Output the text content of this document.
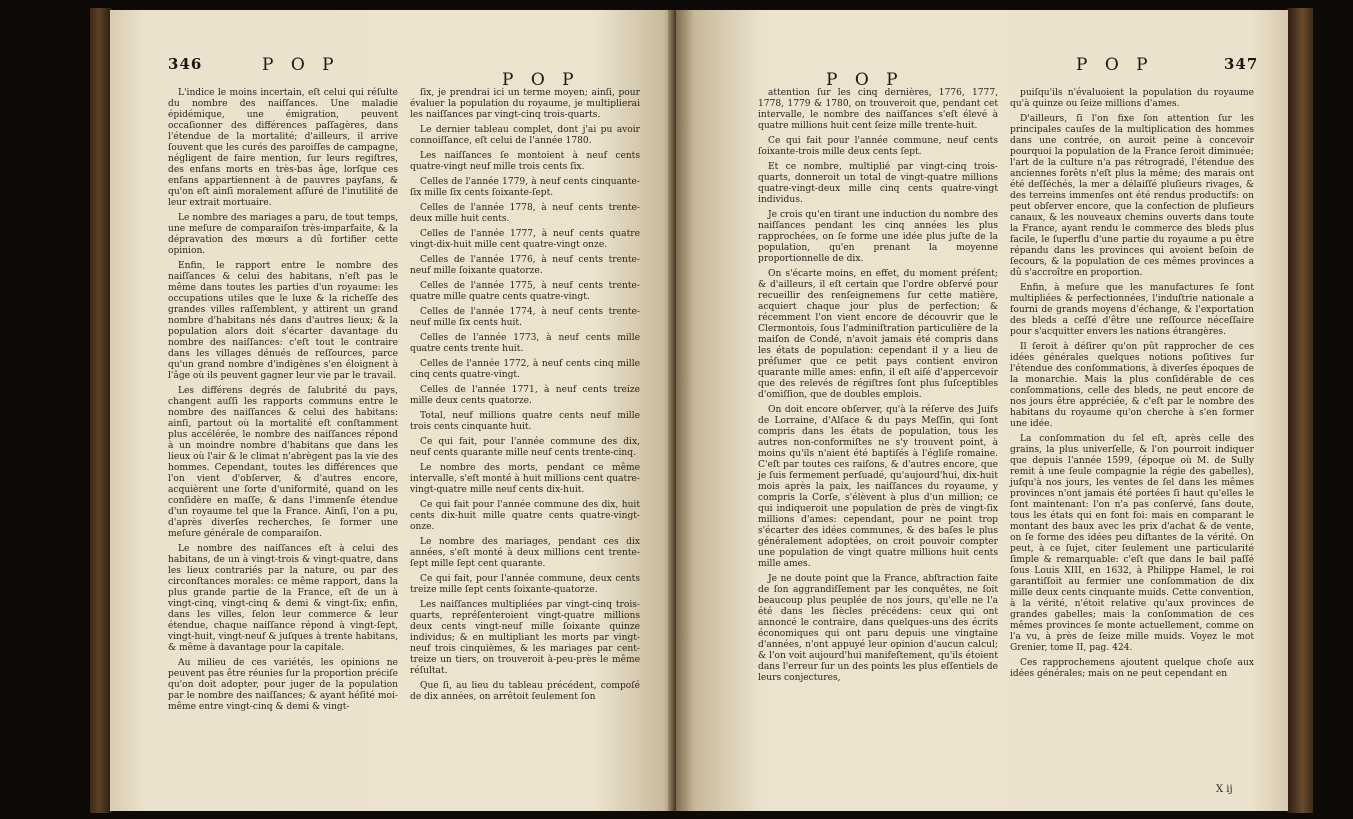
346	P O P
P O P

L'indice le moins incertain, eſt celui qui réſulte du nombre des naiſſances. Une maladie épidémique, une émigration, peuvent occaſionner des différences paſſagères, dans l'étendue de la mortalité; d'ailleurs, il arrive ſouvent que les curés des paroiſſes de campagne, négligent de faire mention, ſur leurs regiſtres, des enfans morts en très-bas âge, lorſque ces enfans appartiennent à de pauvres payſans, & qu'on eſt ainſi moralement aſſuré de l'inutilité de leur extrait mortuaire.

Le nombre des mariages a paru, de tout temps, une meſure de comparaiſon très-imparfaite, & la dépravation des mœurs a dû fortifier cette opinion.

Enfin, le rapport entre le nombre des naiſſances & celui des habitans, n'eſt pas le même dans toutes les parties d'un royaume: les occupations utiles que le luxe & la richeſſe des grandes villes raſſemblent, y attirent un grand nombre d'habitans nés dans d'autres lieux; & la population alors doit s'écarter davantage du nombre des naiſſances: c'eſt tout le contraire dans les villages dénués de reſſources, parce qu'un grand nombre d'indigènes s'en éloignent à l'âge où ils peuvent gagner leur vie par le travail.

Les différens degrés de ſalubrité du pays, changent auſſi les rapports communs entre le nombre des naiſſances & celui des habitans: ainſi, partout où la mortalité eſt conſtamment plus accélérée, le nombre des naiſſances répond à un moindre nombre d'habitans que dans les lieux où l'air & le climat n'abrègent pas la vie des hommes. Cependant, toutes les différences que l'on vient d'obſerver, & d'autres encore, acquièrent une ſorte d'uniformité, quand on les conſidère en maſſe, & dans l'immenſe étendue d'un royaume tel que la France. Ainſi, l'on a pu, d'après diverſes recherches, ſe former une meſure générale de comparaiſon.

Le nombre des naiſſances eſt à celui des habitans, de un à vingt-trois & vingt-quatre, dans les lieux contrariés par la nature, ou par des circonſtances morales: ce même rapport, dans la plus grande partie de la France, eſt de un à vingt-cinq, vingt-cinq & demi & vingt-ſix; enfin, dans les villes, ſelon leur commerce & leur étendue, chaque naiſſance répond à vingt-ſept, vingt-huit, vingt-neuf & juſques à trente habitans, & même à davantage pour la capitale.

Au milieu de ces variétés, les opinions ne peuvent pas être réunies ſur la proportion préciſe qu'on doit adopter, pour juger de la population par le nombre des naiſſances; & ayant héſité moi-même entre vingt-cinq & demi & vingt-

ſix, je prendrai ici un terme moyen; ainſi, pour évaluer la population du royaume, je multiplierai les naiſſances par vingt-cinq trois-quarts.

Le dernier tableau complet, dont j'ai pu avoir connoiſſance, eſt celui de l'année 1780.

Les naiſſances ſe montoient à neuf cents quatre-vingt neuf mille trois cents ſix.

Celles de l'année 1779, à neuf cents cinquante-ſix mille ſix cents ſoixante-ſept.

Celles de l'année 1778, à neuf cents trente-deux mille huit cents.

Celles de l'année 1777, à neuf cents quatre vingt-dix-huit mille cent quatre-vingt onze.

Celles de l'année 1776, à neuf cents trente-neuf mille ſoixante quatorze.

Celles de l'année 1775, à neuf cents trente-quatre mille quatre cents quatre-vingt.

Celles de l'année 1774, à neuf cents trente-neuf mille ſix cents huit.

Celles de l'année 1773, à neuf cents mille quatre cents trente huit.

Celles de l'année 1772, à neuf cents cinq mille cinq cents quatre-vingt.

Celles de l'année 1771, à neuf cents treize mille deux cents quatorze.

Total, neuf millions quatre cents neuf mille trois cents cinquante huit.

Ce qui fait, pour l'année commune des dix, neuf cents quarante mille neuf cents trente-cinq.

Le nombre des morts, pendant ce même intervalle, s'eſt monté à huit millions cent quatre-vingt-quatre mille neuf cents dix-huit.

Ce qui fait pour l'année commune des dix, huit cents dix-huit mille quatre cents quatre-vingt-onze.

Le nombre des mariages, pendant ces dix années, s'eſt monté à deux millions cent trente-ſept mille ſept cent quarante.

Ce qui fait, pour l'année commune, deux cents treize mille ſept cents ſoixante-quatorze.

Les naiſſances multipliées par vingt-cinq trois-quarts, repréſenteroient vingt-quatre millions deux cents vingt-neuf mille ſoixante quinze individus; & en multipliant les morts par vingt-neuf trois cinquièmes, & les mariages par cent-treize un tiers, on trouveroit à-peu-près le même réſultat.

Que ſi, au lieu du tableau précédent, compoſé de dix années, on arrêtoit ſeulement ſon

P O P
P O P	347

attention ſur les cinq dernières, 1776, 1777, 1778, 1779 & 1780, on trouveroit que, pendant cet intervalle, le nombre des naiſſances s'eſt élevé à quatre millions huit cent ſeize mille trente-huit.

Ce qui fait pour l'année commune, neuf cents ſoixante-trois mille deux cents ſept.

Et ce nombre, multiplié par vingt-cinq trois-quarts, donneroit un total de vingt-quatre millions quatre-vingt-deux mille cinq cents quatre-vingt individus.

Je crois qu'en tirant une induction du nombre des naiſſances pendant les cinq années les plus rapprochées, on ſe forme une idée plus juſte de la population, qu'en prenant la moyenne proportionnelle de dix.

On s'écarte moins, en effet, du moment préſent; & d'ailleurs, il eſt certain que l'ordre obſervé pour recueillir des renſeignemens ſur cette matière, acquiert chaque jour plus de perfection; & récemment l'on vient encore de découvrir que le Clermontois, ſous l'adminiſtration particulière de la maiſon de Condé, n'avoit jamais été compris dans les états de population: cependant il y a lieu de préſumer que ce petit pays contient environ quarante mille ames: enfin, il eſt aiſé d'appercevoir que des relevés de régiſtres ſont plus ſuſceptibles d'omiſſion, que de doubles emplois.

On doit encore obſerver, qu'à la réſerve des Juifs de Lorraine, d'Alſace & du pays Meſſin, qui ſont compris dans les états de population, tous les autres non-conformiſtes ne s'y trouvent point, à moins qu'ils n'aient été baptiſés à l'égliſe romaine. C'eſt par toutes ces raiſons, & d'autres encore, que je ſuis fermement perſuadé, qu'aujourd'hui, dix-huit mois après la paix, les naiſſances du royaume, y compris la Corſe, s'élèvent à plus d'un million; ce qui indiqueroit une population de près de vingt-ſix millions d'ames: cependant, pour ne point trop s'écarter des idées communes, & des baſes le plus généralement adoptées, on croit pouvoir compter une population de vingt quatre millions huit cents mille ames.

Je ne doute point que la France, abſtraction faite de ſon aggrandiſſement par les conquêtes, ne ſoit beaucoup plus peuplée de nos jours, qu'elle ne l'a été dans les ſiècles précédens: ceux qui ont annoncé le contraire, dans quelques-uns des écrits économiques qui ont paru depuis une vingtaine d'années, n'ont appuyé leur opinion d'aucun calcul; & l'on voit aujourd'hui manifeſtement, qu'ils étoient dans l'erreur ſur un des points les plus eſſentiels de leurs conjectures,

puiſqu'ils n'évaluoient la population du royaume qu'à quinze ou ſeize millions d'ames.

D'ailleurs, ſi l'on fixe ſon attention ſur les principales cauſes de la multiplication des hommes dans une contrée, on auroit peine à concevoir pourquoi la population de la France ſeroit diminuée; l'art de la culture n'a pas rétrogradé, l'étendue des anciennes forêts n'eſt plus la même; des marais ont été deſſéchés, la mer a délaiſſé pluſieurs rivages, & des terreins immenſes ont été rendus productifs: on peut obſerver encore, que la confection de pluſieurs canaux, & les nouveaux chemins ouverts dans toute la France, ayant rendu le commerce des bleds plus facile, le ſuperflu d'une partie du royaume a pu être répandu dans les provinces qui avoient beſoin de ſecours, & la population de ces mêmes provinces a dû s'accroître en proportion.

Enfin, à meſure que les manufactures ſe ſont multipliées & perfectionnées, l'induſtrie nationale a fourni de grands moyens d'échange, & l'exportation des bleds a ceſſé d'être une reſſource néceſſaire pour s'acquitter envers les nations étrangères.

Il ſeroit à déſirer qu'on pût rapprocher de ces idées générales quelques notions poſitives ſur l'étendue des conſommations, à diverſes époques de la monarchie. Mais la plus conſidérable de ces conſommations, celle des bleds, ne peut encore de nos jours être appréciée, & c'eſt par le nombre des habitans du royaume qu'on cherche à s'en former une idée.

La conſommation du ſel eſt, après celle des grains, la plus univerſelle, & l'on pourroit indiquer que depuis l'année 1599, (époque où M. de Sully remit à une ſeule compagnie la régie des gabelles), juſqu'à nos jours, les ventes de ſel dans les mêmes provinces n'ont jamais été portées ſi haut qu'elles le ſont maintenant: l'on n'a pas conſervé, ſans doute, tous les états qui en font foi: mais en comparant le montant des baux avec les prix d'achat & de vente, on ſe forme des idées peu diſtantes de la vérité. On peut, à ce ſujet, citer ſeulement une particularité ſimple & remarquable: c'eſt que dans le bail paſſé ſous Louis XIII, en 1632, à Philippe Hamel, le roi garantiſſoit au fermier une conſommation de dix mille deux cents cinquante muids. Cette convention, à la vérité, n'étoit relative qu'aux provinces de grandes gabelles; mais la conſommation de ces mêmes provinces ſe monte actuellement, comme on l'a vu, à près de ſeize mille muids. Voyez le mot Grenier, tome II, pag. 424.

Ces rapprochemens ajoutent quelque choſe aux idées générales; mais on ne peut cependant en

X ij
